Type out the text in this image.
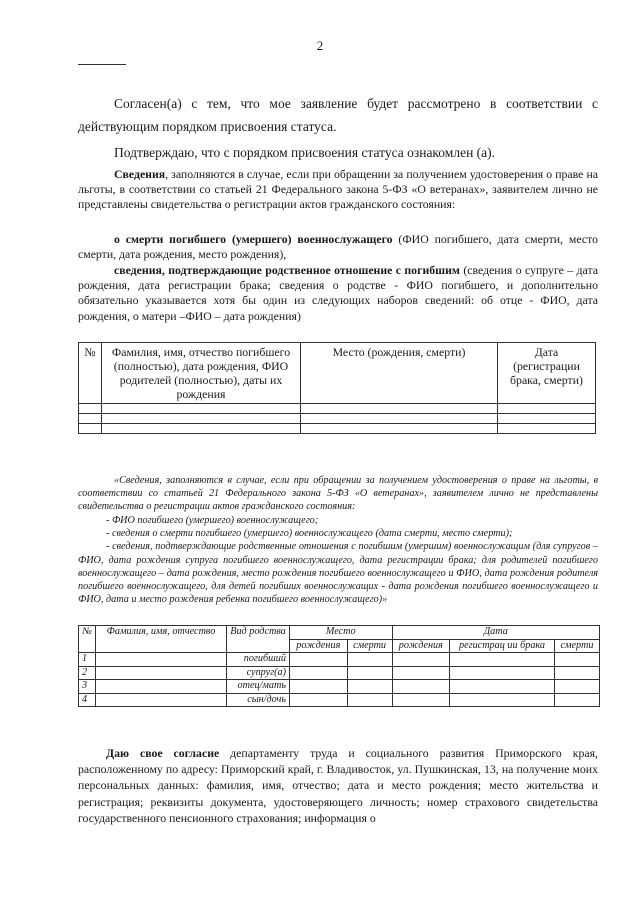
2
Согласен(а) с тем, что мое заявление будет рассмотрено в соответствии с действующим порядком присвоения статуса.
Подтверждаю, что с порядком присвоения статуса ознакомлен (а).
Сведения, заполняются в случае, если при обращении за получением удостоверения о праве на льготы, в соответствии со статьей 21 Федерального закона 5-ФЗ «О ветеранах», заявителем лично не представлены свидетельства о регистрации актов гражданского состояния:
о смерти погибшего (умершего) военнослужащего (ФИО погибшего, дата смерти, место смерти, дата рождения, место рождения),
сведения, подтверждающие родственное отношение с погибшим (сведения о супруге – дата рождения, дата регистрации брака; сведения о родстве - ФИО погибшего, и дополнительно обязательно указывается хотя бы один из следующих наборов сведений: об отце - ФИО, дата рождения, о матери –ФИО – дата рождения)
№	Фамилия, имя, отчество погибшего (полностью), дата рождения, ФИО родителей (полностью), даты их рождения	Место (рождения, смерти)	Дата (регистрации брака, смерти)

«Сведения, заполняются в случае, если при обращении за получением удостоверения о праве на льготы, в соответствии со статьей 21 Федерального закона 5-ФЗ «О ветеранах», заявителем лично не представлены свидетельства о регистрации актов гражданского состояния:
- ФИО погибшего (умершего) военнослужащего;
- сведения о смерти погибшего (умершего) военнослужащего (дата смерти, место смерти);
- сведения, подтверждающие родственные отношения с погибшим (умершим) военнослужащим (для супругов – ФИО, дата рождения супруга погибшего военнослужащего, дата регистрации брака; для родителей погибшего военнослужащего – дата рождения, место рождения погибшего военнослужащего и ФИО, дата рождения родителя погибшего военнослужащего, для детей погибших военнослужащих - дата рождения погибшего военнослужащего и ФИО, дата и место рождения ребенка погибшего военнослужащего)»
№	Фамилия, имя, отчество	Вид родства	Место		Дата		
			рождения	смерти	рождения	регистрац ии брака	смерти
1		погибший					
2		супруг(а)					
3		отец/мать					
4		сын/дочь					
Даю свое согласие департаменту труда и социального развития Приморского края, расположенному по адресу: Приморский край, г. Владивосток, ул. Пушкинская, 13, на получение моих персональных данных: фамилия, имя, отчество; дата и место рождения; место жительства и регистрация; реквизиты документа, удостоверяющего личность; номер страхового свидетельства государственного пенсионного страхования; информация о
